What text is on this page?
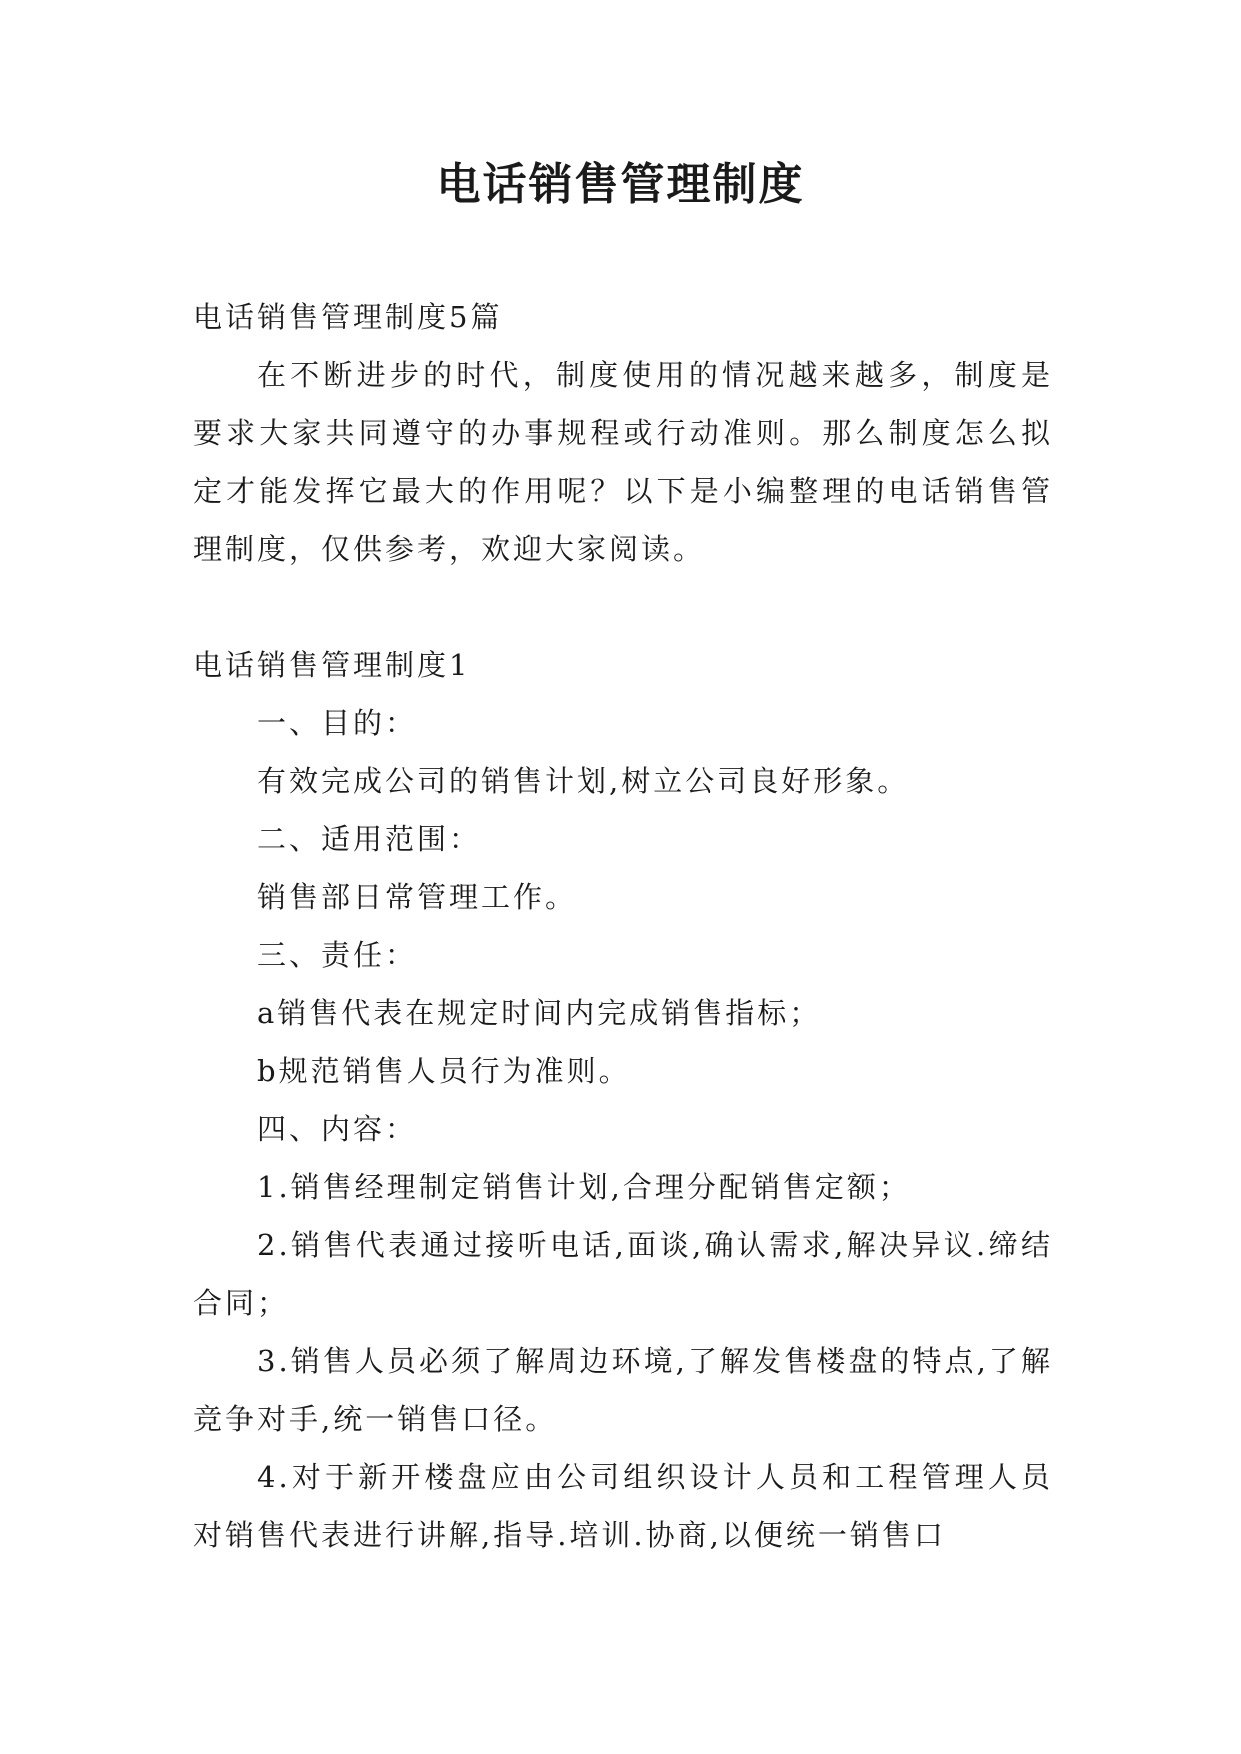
电话销售管理制度

电话销售管理制度5篇

在不断进步的时代，制度使用的情况越来越多，制度是要求大家共同遵守的办事规程或行动准则。那么制度怎么拟定才能发挥它最大的作用呢？以下是小编整理的电话销售管理制度，仅供参考，欢迎大家阅读。

电话销售管理制度1

一、目的：

有效完成公司的销售计划,树立公司良好形象。

二、适用范围：

销售部日常管理工作。

三、责任：

a销售代表在规定时间内完成销售指标；

b规范销售人员行为准则。

四、内容：

1.销售经理制定销售计划,合理分配销售定额；

2.销售代表通过接听电话,面谈,确认需求,解决异议.缔结合同；

3.销售人员必须了解周边环境,了解发售楼盘的特点,了解竞争对手,统一销售口径。

4.对于新开楼盘应由公司组织设计人员和工程管理人员对销售代表进行讲解,指导.培训.协商,以便统一销售口
